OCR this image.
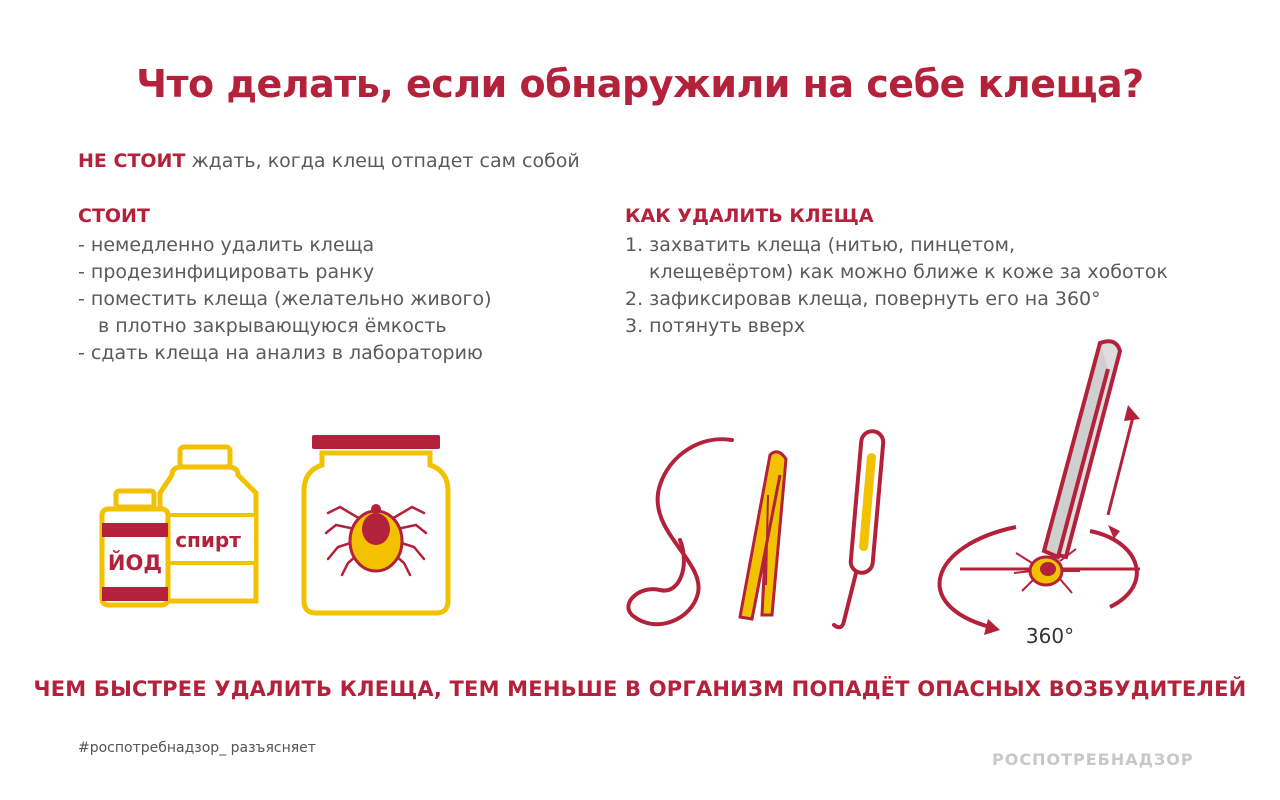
Что делать, если обнаружили на себе клеща?
НЕ СТОИТ ждать, когда клещ отпадет сам собой
СТОИТ
- немедленно удалить клеща
- продезинфицировать ранку
- поместить клеща (желательно живого)
в плотно закрывающуюся ёмкость
- сдать клеща на анализ в лабораторию
КАК УДАЛИТЬ КЛЕЩА
1. захватить клеща (нитью, пинцетом,
клещевёртом) как можно ближе к коже за хоботок
2. зафиксировав клеща, повернуть его на 360°
3. потянуть вверх
спирт
ЙОД
360°
ЧЕМ БЫСТРЕЕ УДАЛИТЬ КЛЕЩА, ТЕМ МЕНЬШЕ В ОРГАНИЗМ ПОПАДЁТ ОПАСНЫХ ВОЗБУДИТЕЛЕЙ
#роспотребнадзор_ разъясняет
РОСПОТРЕБНАДЗОР
